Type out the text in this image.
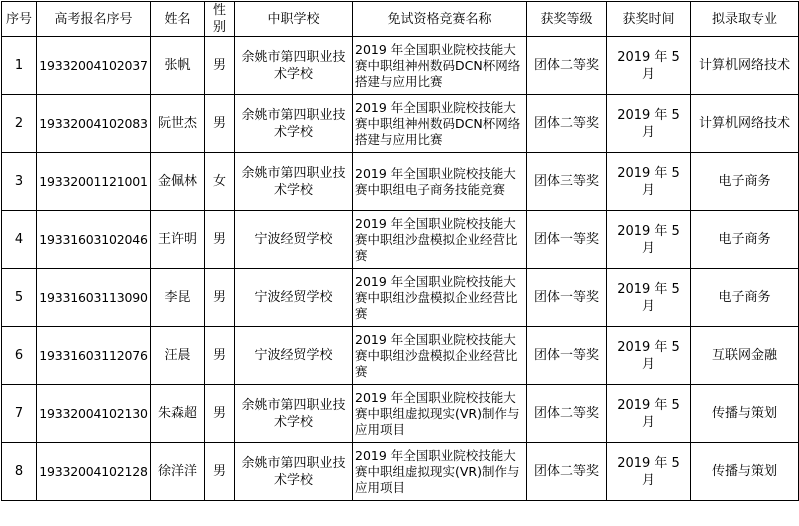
序号	高考报名序号	姓名	性别	中职学校	免试资格竞赛名称	获奖等级	获奖时间	拟录取专业
1	19332004102037	张帆	男	余姚市第四职业技术学校	2019 年全国职业院校技能大赛中职组神州数码DCN杯网络搭建与应用比赛	团体二等奖	2019 年 5 月	计算机网络技术
2	19332004102083	阮世杰	男	余姚市第四职业技术学校	2019 年全国职业院校技能大赛中职组神州数码DCN杯网络搭建与应用比赛	团体二等奖	2019 年 5 月	计算机网络技术
3	19332001121001	金佩林	女	余姚市第四职业技术学校	2019 年全国职业院校技能大赛中职组电子商务技能竞赛	团体三等奖	2019 年 5 月	电子商务
4	19331603102046	王许明	男	宁波经贸学校	2019 年全国职业院校技能大赛中职组沙盘模拟企业经营比赛	团体一等奖	2019 年 5 月	电子商务
5	19331603113090	李昆	男	宁波经贸学校	2019 年全国职业院校技能大赛中职组沙盘模拟企业经营比赛	团体一等奖	2019 年 5 月	电子商务
6	19331603112076	汪晨	男	宁波经贸学校	2019 年全国职业院校技能大赛中职组沙盘模拟企业经营比赛	团体一等奖	2019 年 5 月	互联网金融
7	19332004102130	朱森超	男	余姚市第四职业技术学校	2019 年全国职业院校技能大赛中职组虚拟现实(VR)制作与应用项目	团体二等奖	2019 年 5 月	传播与策划
8	19332004102128	徐洋洋	男	余姚市第四职业技术学校	2019 年全国职业院校技能大赛中职组虚拟现实(VR)制作与应用项目	团体二等奖	2019 年 5 月	传播与策划
